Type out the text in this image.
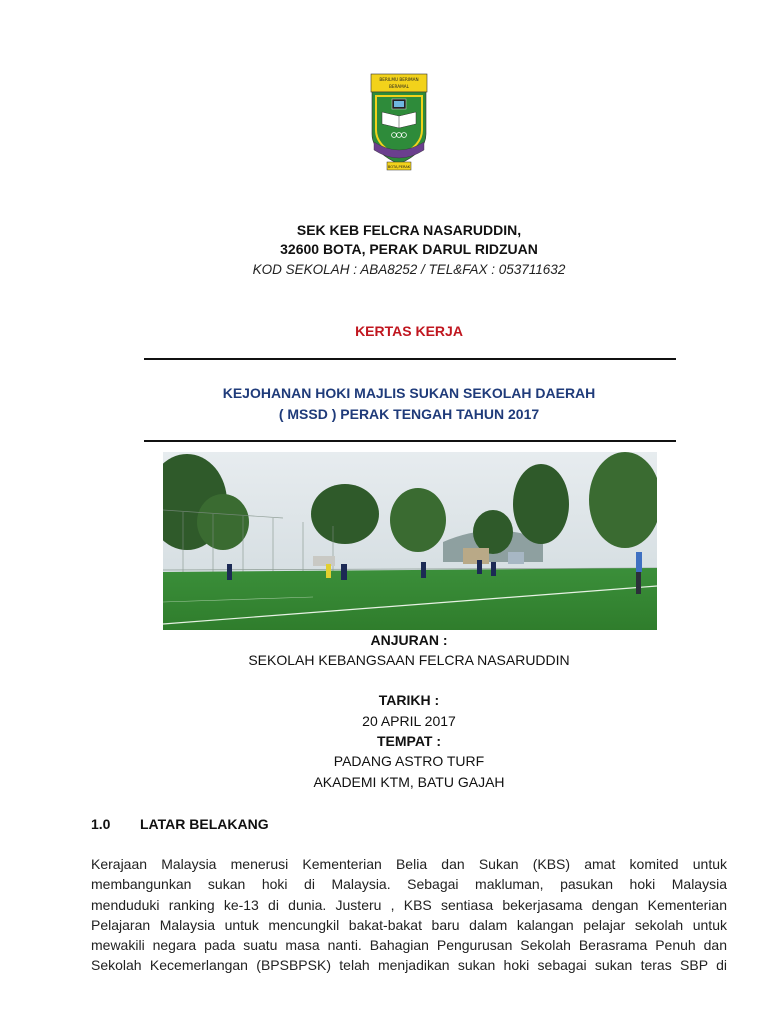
BERILMU BERIMAN
BERAMAL
BOTA,PERAK
SEK KEB FELCRA NASARUDDIN,
32600 BOTA, PERAK DARUL RIDZUAN
KOD SEKOLAH : ABA8252 / TEL&FAX : 053711632
KERTAS KERJA
KEJOHANAN HOKI MAJLIS SUKAN SEKOLAH DAERAH
( MSSD ) PERAK TENGAH TAHUN 2017
ANJURAN :
SEKOLAH KEBANGSAAN FELCRA NASARUDDIN
TARIKH :
20 APRIL 2017
TEMPAT :
PADANG ASTRO TURF
AKADEMI KTM, BATU GAJAH
1.0 LATAR BELAKANG
Kerajaan Malaysia menerusi Kementerian Belia dan Sukan (KBS) amat komited untuk
membangunkan sukan hoki di Malaysia. Sebagai makluman, pasukan hoki Malaysia
menduduki ranking ke-13 di dunia. Justeru , KBS sentiasa bekerjasama dengan Kementerian
Pelajaran Malaysia untuk mencungkil bakat-bakat baru dalam kalangan pelajar sekolah untuk
mewakili negara pada suatu masa nanti. Bahagian Pengurusan Sekolah Berasrama Penuh dan
Sekolah Kecemerlangan (BPSBPSK) telah menjadikan sukan hoki sebagai sukan teras SBP di
